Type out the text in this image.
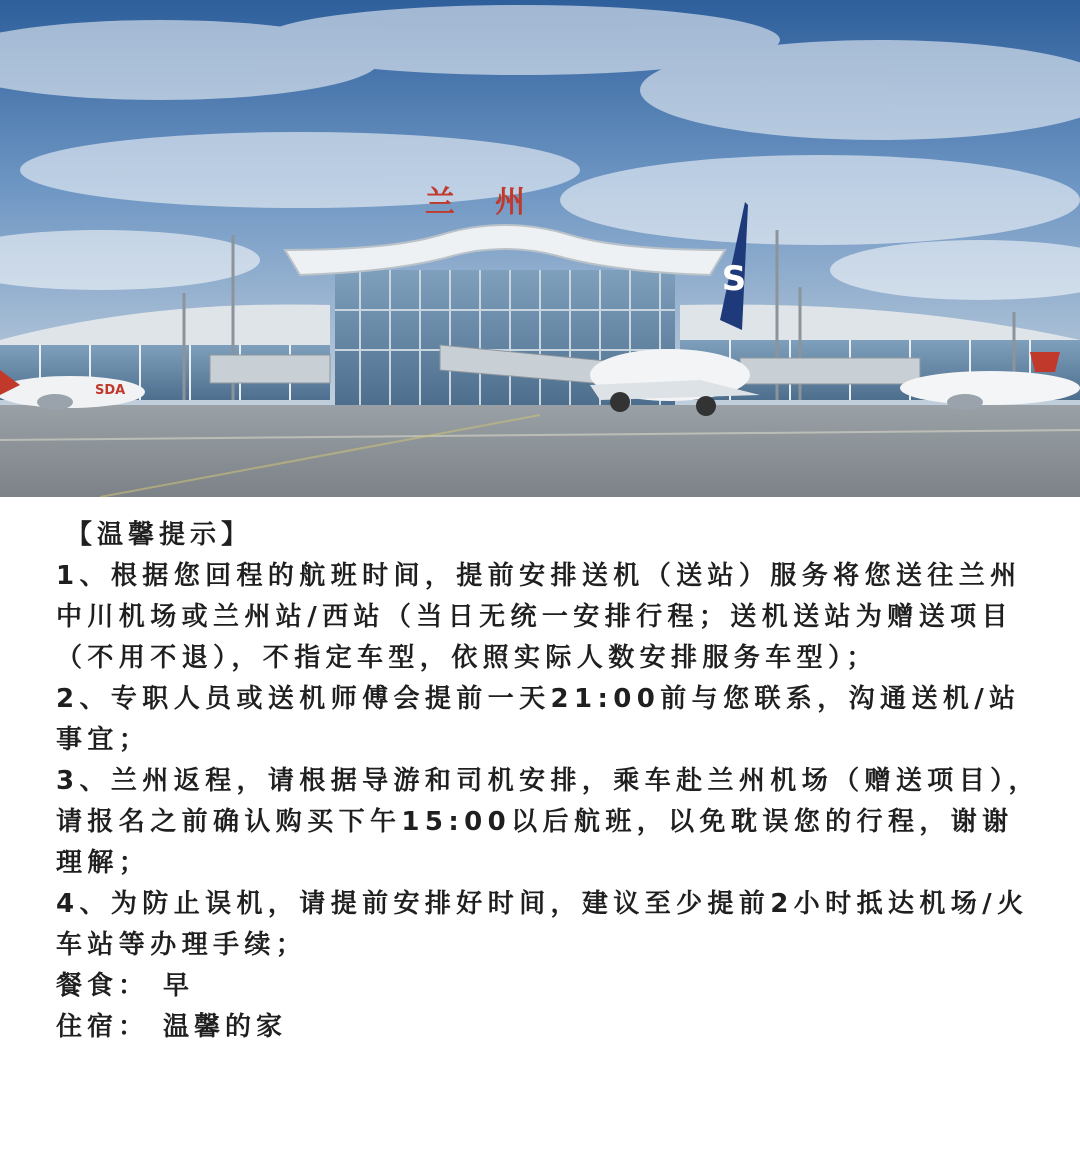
兰州
S
SDA

【温馨提示】

1、根据您回程的航班时间，提前安排送机（送站）服务将您送往兰州中川机场或兰州站/西站（当日无统一安排行程；送机送站为赠送项目（不用不退），不指定车型，依照实际人数安排服务车型）；

2、专职人员或送机师傅会提前一天21:00前与您联系，沟通送机/站事宜；

3、兰州返程，请根据导游和司机安排，乘车赴兰州机场（赠送项目），请报名之前确认购买下午15:00以后航班，以免耽误您的行程，谢谢理解；

4、为防止误机，请提前安排好时间，建议至少提前2小时抵达机场/火车站等办理手续；

餐食： 早

住宿： 温馨的家
